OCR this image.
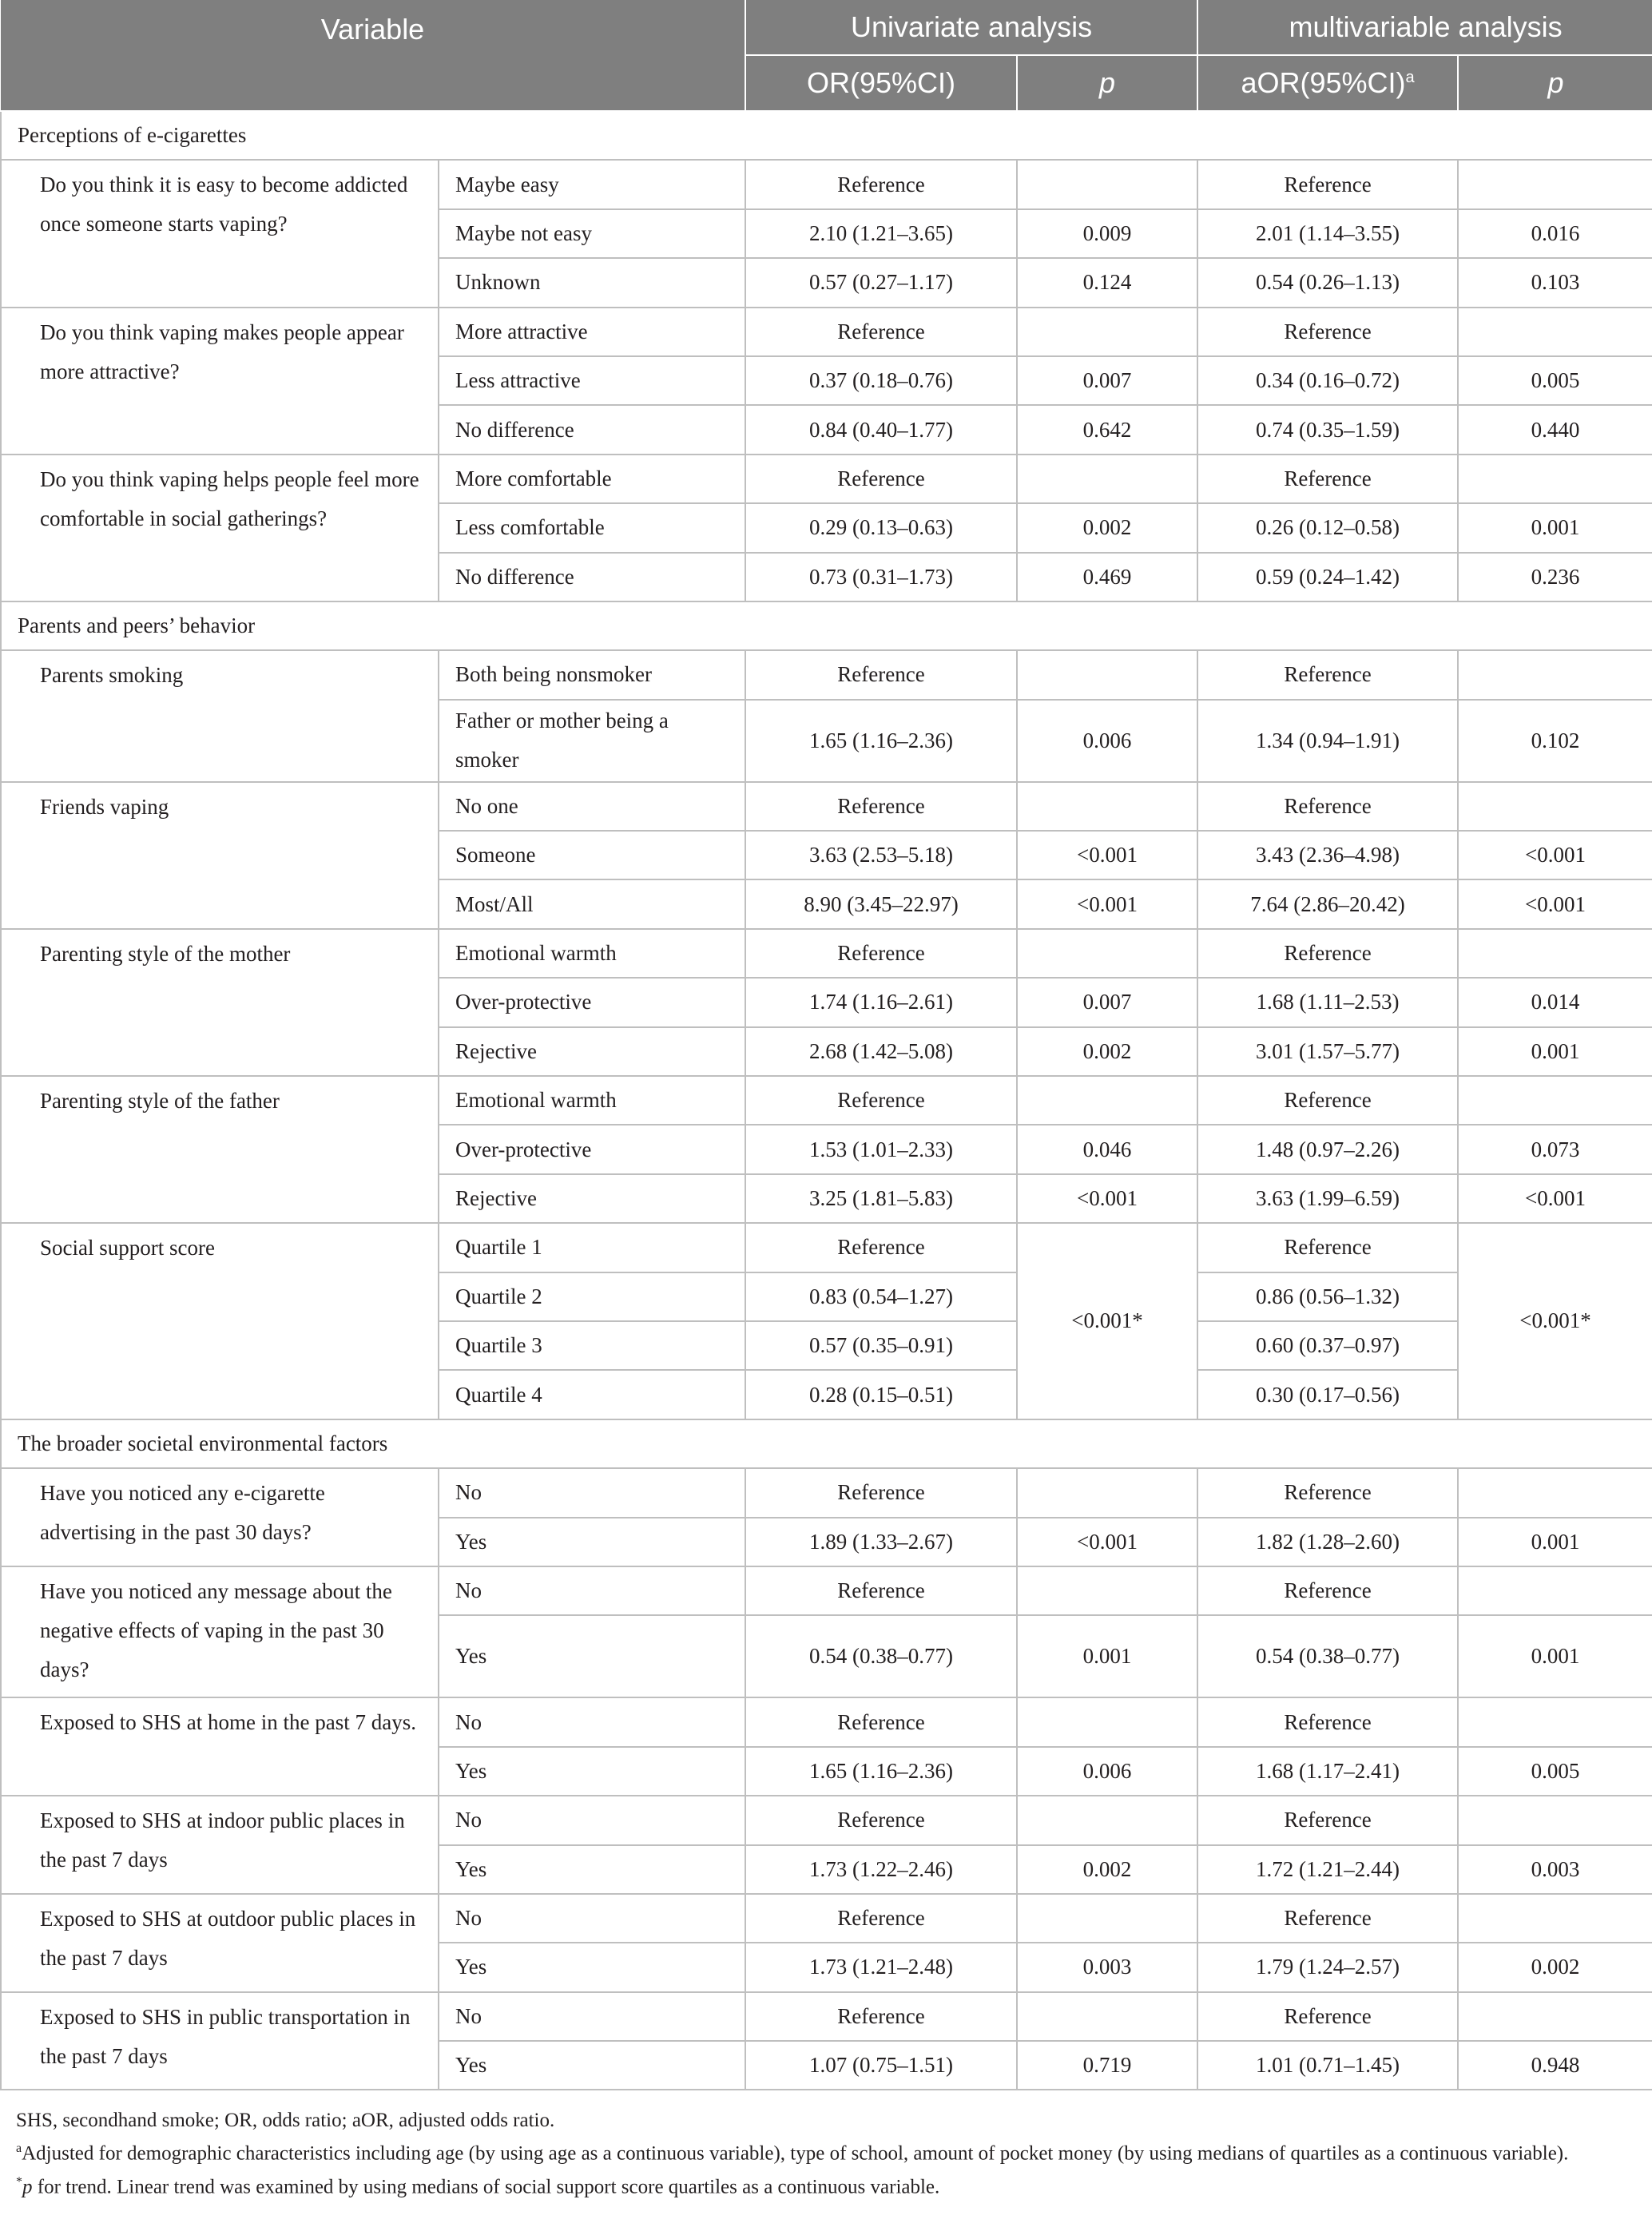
Variable		Univariate analysis		multivariable analysis	
		OR(95%CI)	p	$aOR(95\%CI)^a$	p
Perceptions of e-cigarettes					
Do you think it is easy to become addicted once someone starts vaping?	Maybe easy	Reference		Reference	
	Maybe not easy	2.10 (1.21–3.65)	0.009	2.01 (1.14–3.55)	0.016
	Unknown	0.57 (0.27–1.17)	0.124	0.54 (0.26–1.13)	0.103
Do you think vaping makes people appear more attractive?	More attractive	Reference		Reference	
	Less attractive	0.37 (0.18–0.76)	0.007	0.34 (0.16–0.72)	0.005
	No difference	0.84 (0.40–1.77)	0.642	0.74 (0.35–1.59)	0.440
Do you think vaping helps people feel more comfortable in social gatherings?	More comfortable	Reference		Reference	
	Less comfortable	0.29 (0.13–0.63)	0.002	0.26 (0.12–0.58)	0.001
	No difference	0.73 (0.31–1.73)	0.469	0.59 (0.24–1.42)	0.236
Parents and peers’ behavior					
Parents smoking	Both being nonsmoker	Reference		Reference	
	Father or mother being a smoker	1.65 (1.16–2.36)	0.006	1.34 (0.94–1.91)	0.102
Friends vaping	No one	Reference		Reference	
	Someone	3.63 (2.53–5.18)	<0.001	3.43 (2.36–4.98)	<0.001
	Most/All	8.90 (3.45–22.97)	<0.001	7.64 (2.86–20.42)	<0.001
Parenting style of the mother	Emotional warmth	Reference		Reference	
	Over-protective	1.74 (1.16–2.61)	0.007	1.68 (1.11–2.53)	0.014
	Rejective	2.68 (1.42–5.08)	0.002	3.01 (1.57–5.77)	0.001
Parenting style of the father	Emotional warmth	Reference		Reference	
	Over-protective	1.53 (1.01–2.33)	0.046	1.48 (0.97–2.26)	0.073
	Rejective	3.25 (1.81–5.83)	<0.001	3.63 (1.99–6.59)	<0.001
Social support score	Quartile 1	Reference	<0.001*	Reference	<0.001*
	Quartile 2	0.83 (0.54–1.27)		0.86 (0.56–1.32)	
	Quartile 3	0.57 (0.35–0.91)		0.60 (0.37–0.97)	
	Quartile 4	0.28 (0.15–0.51)		0.30 (0.17–0.56)	
The broader societal environmental factors					
Have you noticed any e-cigarette advertising in the past 30 days?	No	Reference		Reference	
	Yes	1.89 (1.33–2.67)	<0.001	1.82 (1.28–2.60)	0.001
Have you noticed any message about the negative effects of vaping in the past 30 days?	No	Reference		Reference	
	Yes	0.54 (0.38–0.77)	0.001	0.54 (0.38–0.77)	0.001
Exposed to SHS at home in the past 7 days.	No	Reference		Reference	
	Yes	1.65 (1.16–2.36)	0.006	1.68 (1.17–2.41)	0.005
Exposed to SHS at indoor public places in the past 7 days	No	Reference		Reference	
	Yes	1.73 (1.22–2.46)	0.002	1.72 (1.21–2.44)	0.003
Exposed to SHS at outdoor public places in the past 7 days	No	Reference		Reference	
	Yes	1.73 (1.21–2.48)	0.003	1.79 (1.24–2.57)	0.002
Exposed to SHS in public transportation in the past 7 days	No	Reference		Reference	
	Yes	1.07 (0.75–1.51)	0.719	1.01 (0.71–1.45)	0.948

SHS, secondhand smoke; OR, odds ratio; aOR, adjusted odds ratio.

$^a$Adjusted for demographic characteristics including age (by using age as a continuous variable), type of school, amount of pocket money (by using medians of quartiles as a continuous variable).

*p for trend. Linear trend was examined by using medians of social support score quartiles as a continuous variable.
